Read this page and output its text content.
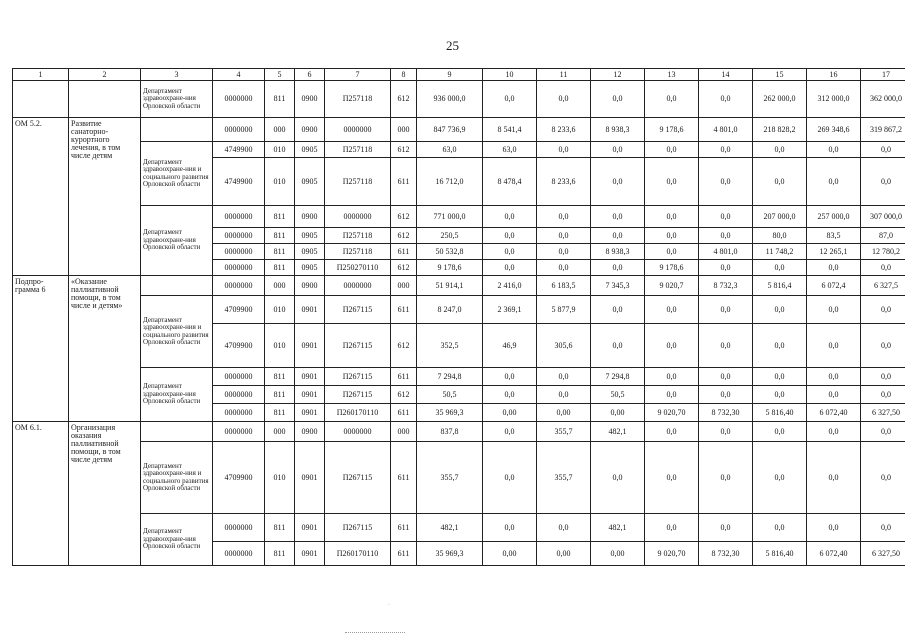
25
1	2	3	4	5	6	7	8	9	10	11	12	13	14	15	16	17
		Департамент здравоохране-ния Орловской области	0000000	811	0900	П257118	612	936 000,0	0,0	0,0	0,0	0,0	0,0	262 000,0	312 000,0	362 000,0
ОМ 5.2.	Развитие санаторно-курортного лечения, в том числе детям		0000000	000	0900	0000000	000	847 736,9	8 541,4	8 233,6	8 938,3	9 178,6	4 801,0	218 828,2	269 348,6	319 867,2
		Департамент здравоохране-ния и социального развития Орловской области	4749900	010	0905	П257118	612	63,0	63,0	0,0	0,0	0,0	0,0	0,0	0,0	0,0
			4749900	010	0905	П257118	611	16 712,0	8 478,4	8 233,6	0,0	0,0	0,0	0,0	0,0	0,0
		Департамент здравоохране-ния Орловской области	0000000	811	0900	0000000	612	771 000,0	0,0	0,0	0,0	0,0	0,0	207 000,0	257 000,0	307 000,0
			0000000	811	0905	П257118	612	250,5	0,0	0,0	0,0	0,0	0,0	80,0	83,5	87,0
			0000000	811	0905	П257118	611	50 532,8	0,0	0,0	8 938,3	0,0	4 801,0	11 748,2	12 265,1	12 780,2
			0000000	811	0905	П250270110	612	9 178,6	0,0	0,0	0,0	9 178,6	0,0	0,0	0,0	0,0
Подпро-грамма 6	«Оказание паллиативной помощи, в том числе и детям»		0000000	000	0900	0000000	000	51 914,1	2 416,0	6 183,5	7 345,3	9 020,7	8 732,3	5 816,4	6 072,4	6 327,5
		Департамент здравоохране-ния и социального развития Орловской области	4709900	010	0901	П267115	611	8 247,0	2 369,1	5 877,9	0,0	0,0	0,0	0,0	0,0	0,0
			4709900	010	0901	П267115	612	352,5	46,9	305,6	0,0	0,0	0,0	0,0	0,0	0,0
		Департамент здравоохране-ния Орловской области	0000000	811	0901	П267115	611	7 294,8	0,0	0,0	7 294,8	0,0	0,0	0,0	0,0	0,0
			0000000	811	0901	П267115	612	50,5	0,0	0,0	50,5	0,0	0,0	0,0	0,0	0,0
			0000000	811	0901	П260170110	611	35 969,3	0,00	0,00	0,00	9 020,70	8 732,30	5 816,40	6 072,40	6 327,50
ОМ 6.1.	Организация оказания паллиативной помощи, в том числе детям		0000000	000	0900	0000000	000	837,8	0,0	355,7	482,1	0,0	0,0	0,0	0,0	0,0
		Департамент здравоохране-ния и социального развития Орловской области	4709900	010	0901	П267115	611	355,7	0,0	355,7	0,0	0,0	0,0	0,0	0,0	0,0
		Департамент здравоохране-ния Орловской области	0000000	811	0901	П267115	611	482,1	0,0	0,0	482,1	0,0	0,0	0,0	0,0	0,0
			0000000	811	0901	П260170110	611	35 969,3	0,00	0,00	0,00	9 020,70	8 732,30	5 816,40	6 072,40	6 327,50
·
